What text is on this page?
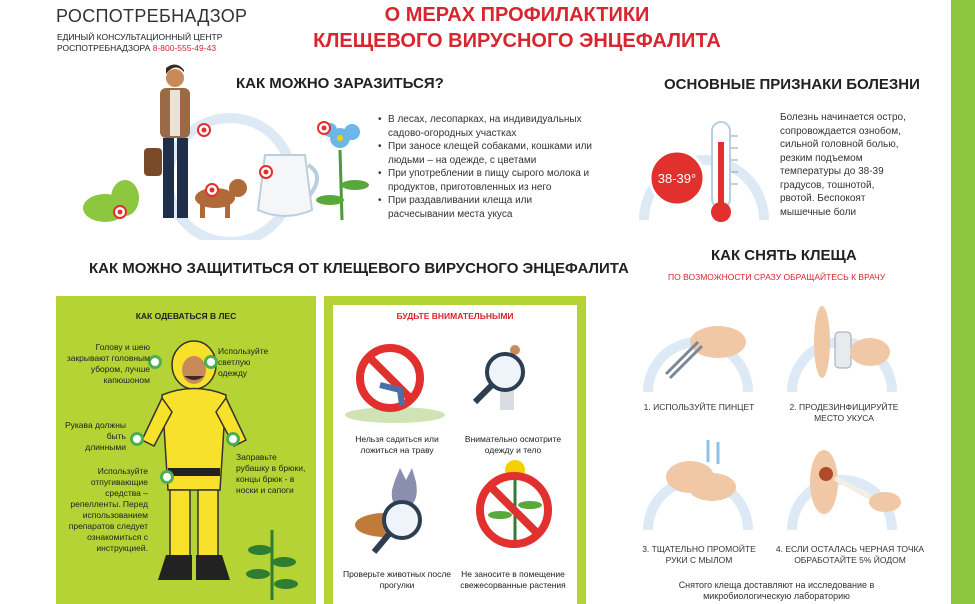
РОСПОТРЕБНАДЗОР
ЕДИНЫЙ КОНСУЛЬТАЦИОННЫЙ ЦЕНТР
РОСПОТРЕБНАДЗОРА 8-800-555-49-43
О МЕРАХ ПРОФИЛАКТИКИ
КЛЕЩЕВОГО ВИРУСНОГО ЭНЦЕФАЛИТА
КАК МОЖНО ЗАРАЗИТЬСЯ?
• В лесах, лесопарках, на индивидуальных садово-огородных участках
• При заносе клещей собаками, кошками или людьми – на одежде, с цветами
• При употреблении в пищу сырого молока и продуктов, приготовленных из него
• При раздавливании клеща или расчесывании места укуса
ОСНОВНЫЕ ПРИЗНАКИ БОЛЕЗНИ
38-39°
Болезнь начинается остро, сопровождается ознобом, сильной головной болью, резким подъемом температуры до 38-39 градусов, тошнотой, рвотой. Беспокоят мышечные боли
КАК МОЖНО ЗАЩИТИТЬСЯ ОТ КЛЕЩЕВОГО ВИРУСНОГО ЭНЦЕФАЛИТА
КАК ОДЕВАТЬСЯ В ЛЕС
Голову и шею закрывают головным убором, лучше капюшоном
Используйте светлую одежду
Рукава должны быть длинными
Заправьте рубашку в брюки, концы брюк - в носки и сапоги
Используйте отпугивающие средства – репелленты. Перед использованием препаратов следует ознакомиться с инструкцией.
БУДЬТЕ ВНИМАТЕЛЬНЫМИ
Нельзя садиться или ложиться на траву
Внимательно осмотрите одежду и тело
Проверьте животных после прогулки
Не заносите в помещение свежесорванные растения
КАК СНЯТЬ КЛЕЩА
ПО ВОЗМОЖНОСТИ СРАЗУ ОБРАЩАЙТЕСЬ К ВРАЧУ
1. ИСПОЛЬЗУЙТЕ ПИНЦЕТ	2. ПРОДЕЗИНФИЦИРУЙТЕ МЕСТО УКУСА
3. ТЩАТЕЛЬНО ПРОМОЙТЕ РУКИ С МЫЛОМ
4. ЕСЛИ ОСТАЛАСЬ ЧЕРНАЯ ТОЧКА ОБРАБОТАЙТЕ 5% ЙОДОМ
Снятого клеща доставляют на исследование в микробиологическую лабораторию
